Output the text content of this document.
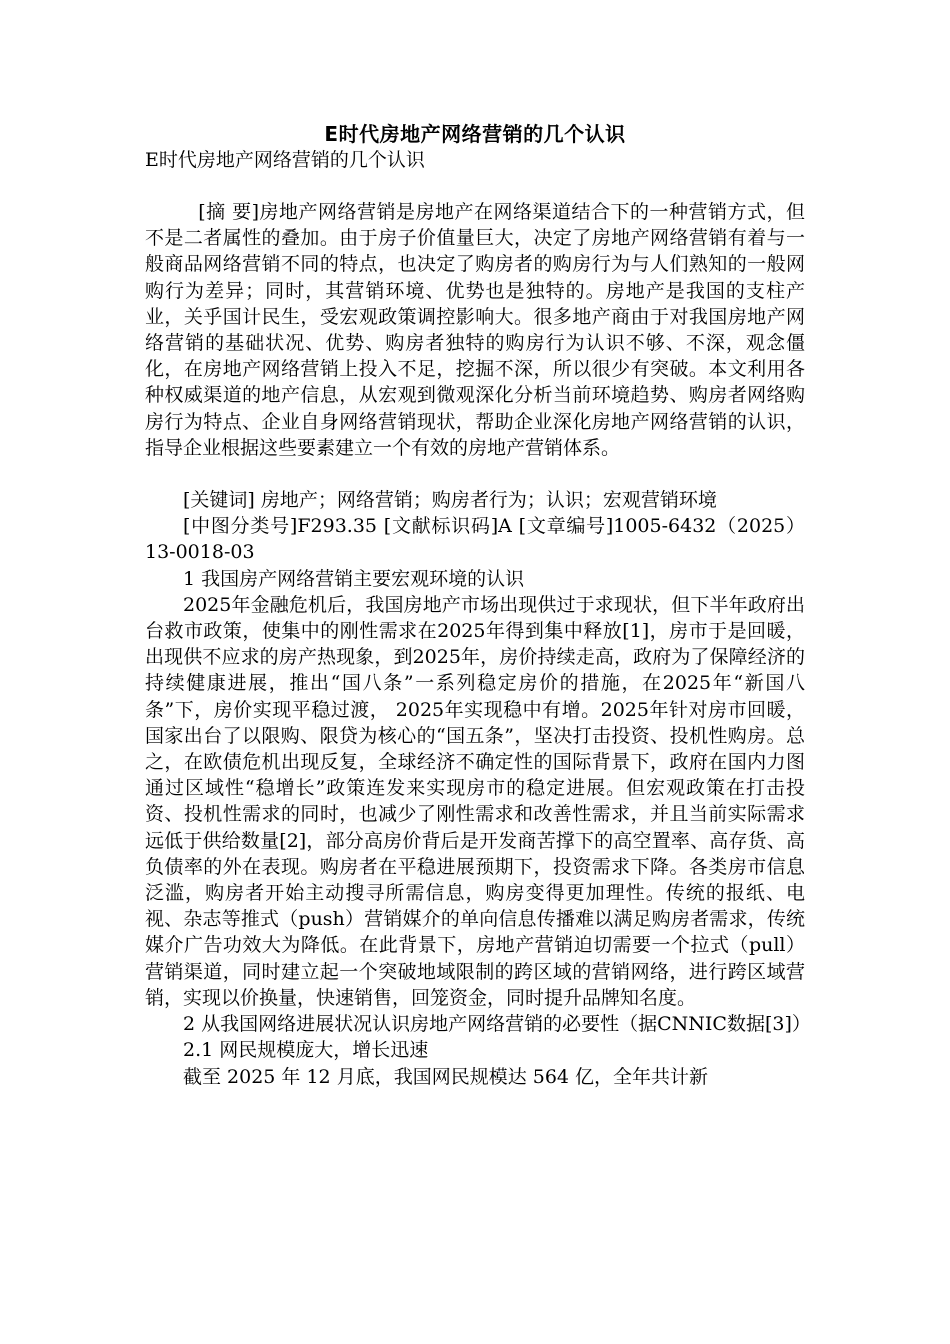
E时代房地产网络营销的几个认识

E时代房地产网络营销的几个认识

[摘 要]房地产网络营销是房地产在网络渠道结合下的一种营销方式，但不是二者属性的叠加。由于房子价值量巨大，决定了房地产网络营销有着与一般商品网络营销不同的特点，也决定了购房者的购房行为与人们熟知的一般网购行为差异；同时，其营销环境、优势也是独特的。房地产是我国的支柱产业，关乎国计民生，受宏观政策调控影响大。很多地产商由于对我国房地产网络营销的基础状况、优势、购房者独特的购房行为认识不够、不深，观念僵化，在房地产网络营销上投入不足，挖掘不深，所以很少有突破。本文利用各种权威渠道的地产信息，从宏观到微观深化分析当前环境趋势、购房者网络购房行为特点、企业自身网络营销现状，帮助企业深化房地产网络营销的认识，指导企业根据这些要素建立一个有效的房地产营销体系。

[关键词] 房地产；网络营销；购房者行为；认识；宏观营销环境

[中图分类号]F293.35 [文献标识码]A [文章编号]1005-6432（2025）13-0018-03

1 我国房产网络营销主要宏观环境的认识

2025年金融危机后，我国房地产市场出现供过于求现状，但下半年政府出台救市政策，使集中的刚性需求在2025年得到集中释放[1]，房市于是回暖，出现供不应求的房产热现象，到2025年，房价持续走高，政府为了保障经济的持续健康进展，推出“国八条”一系列稳定房价的措施，在2025年“新国八条”下，房价实现平稳过渡， 2025年实现稳中有增。2025年针对房市回暖，国家出台了以限购、限贷为核心的“国五条”，坚决打击投资、投机性购房。总之，在欧债危机出现反复，全球经济不确定性的国际背景下，政府在国内力图通过区域性“稳增长”政策连发来实现房市的稳定进展。但宏观政策在打击投资、投机性需求的同时，也减少了刚性需求和改善性需求，并且当前实际需求远低于供给数量[2]，部分高房价背后是开发商苦撑下的高空置率、高存货、高负债率的外在表现。购房者在平稳进展预期下，投资需求下降。各类房市信息泛滥，购房者开始主动搜寻所需信息，购房变得更加理性。传统的报纸、电视、杂志等推式（push）营销媒介的单向信息传播难以满足购房者需求，传统媒介广告功效大为降低。在此背景下，房地产营销迫切需要一个拉式（pull）营销渠道，同时建立起一个突破地域限制的跨区域的营销网络，进行跨区域营销，实现以价换量，快速销售，回笼资金，同时提升品牌知名度。

2 从我国网络进展状况认识房地产网络营销的必要性（据CNNIC数据[3]）

2.1 网民规模庞大，增长迅速

截至 2025 年 12 月底，我国网民规模达 564 亿，全年共计新
